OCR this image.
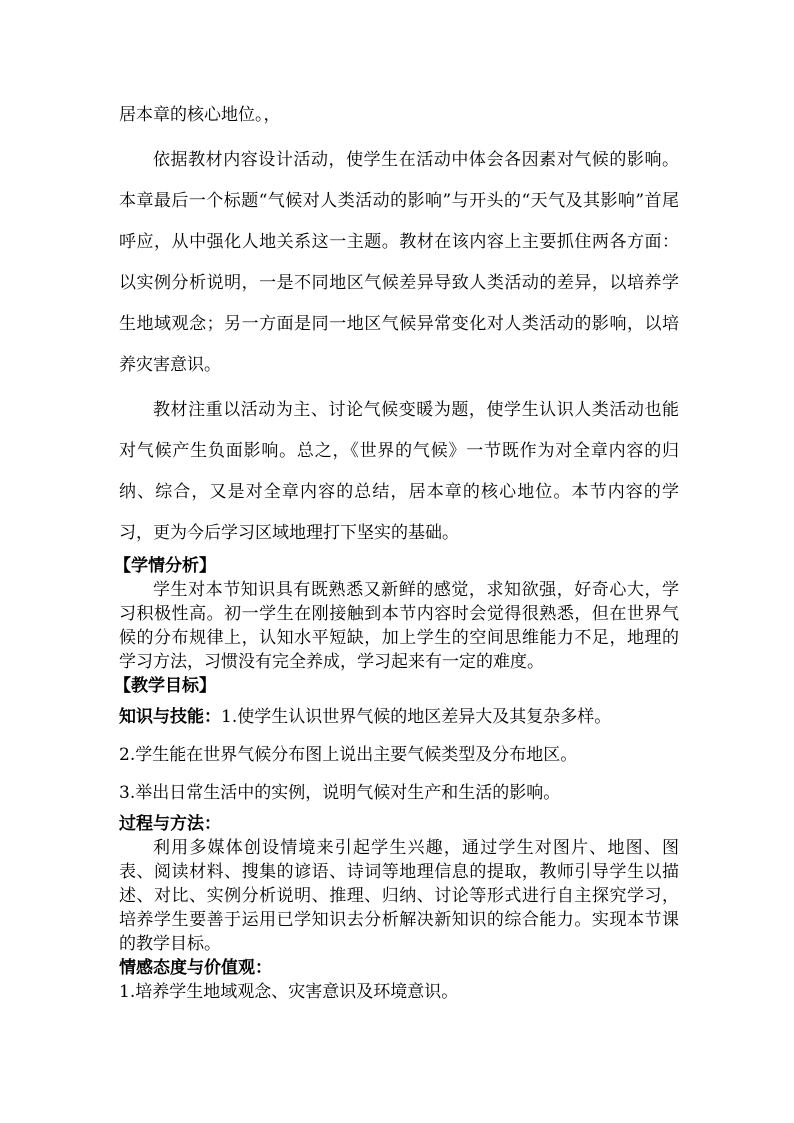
居本章的核心地位。，

依据教材内容设计活动，使学生在活动中体会各因素对气候的影响。本章最后一个标题“气候对人类活动的影响”与开头的“天气及其影响”首尾呼应，从中强化人地关系这一主题。教材在该内容上主要抓住两各方面：以实例分析说明，一是不同地区气候差异导致人类活动的差异，以培养学生地域观念；另一方面是同一地区气候异常变化对人类活动的影响，以培养灾害意识。

教材注重以活动为主、讨论气候变暖为题，使学生认识人类活动也能对气候产生负面影响。总之，《世界的气候》一节既作为对全章内容的归纳、综合，又是对全章内容的总结，居本章的核心地位。本节内容的学习，更为今后学习区域地理打下坚实的基础。

【学情分析】

学生对本节知识具有既熟悉又新鲜的感觉，求知欲强，好奇心大，学习积极性高。初一学生在刚接触到本节内容时会觉得很熟悉，但在世界气候的分布规律上，认知水平短缺，加上学生的空间思维能力不足，地理的学习方法，习惯没有完全养成，学习起来有一定的难度。

【教学目标】

知识与技能：1.使学生认识世界气候的地区差异大及其复杂多样。

2.学生能在世界气候分布图上说出主要气候类型及分布地区。

3.举出日常生活中的实例，说明气候对生产和生活的影响。

过程与方法：

利用多媒体创设情境来引起学生兴趣，通过学生对图片、地图、图表、阅读材料、搜集的谚语、诗词等地理信息的提取，教师引导学生以描述、对比、实例分析说明、推理、归纳、讨论等形式进行自主探究学习，培养学生要善于运用已学知识去分析解决新知识的综合能力。实现本节课的教学目标。

情感态度与价值观：

1.培养学生地域观念、灾害意识及环境意识。
